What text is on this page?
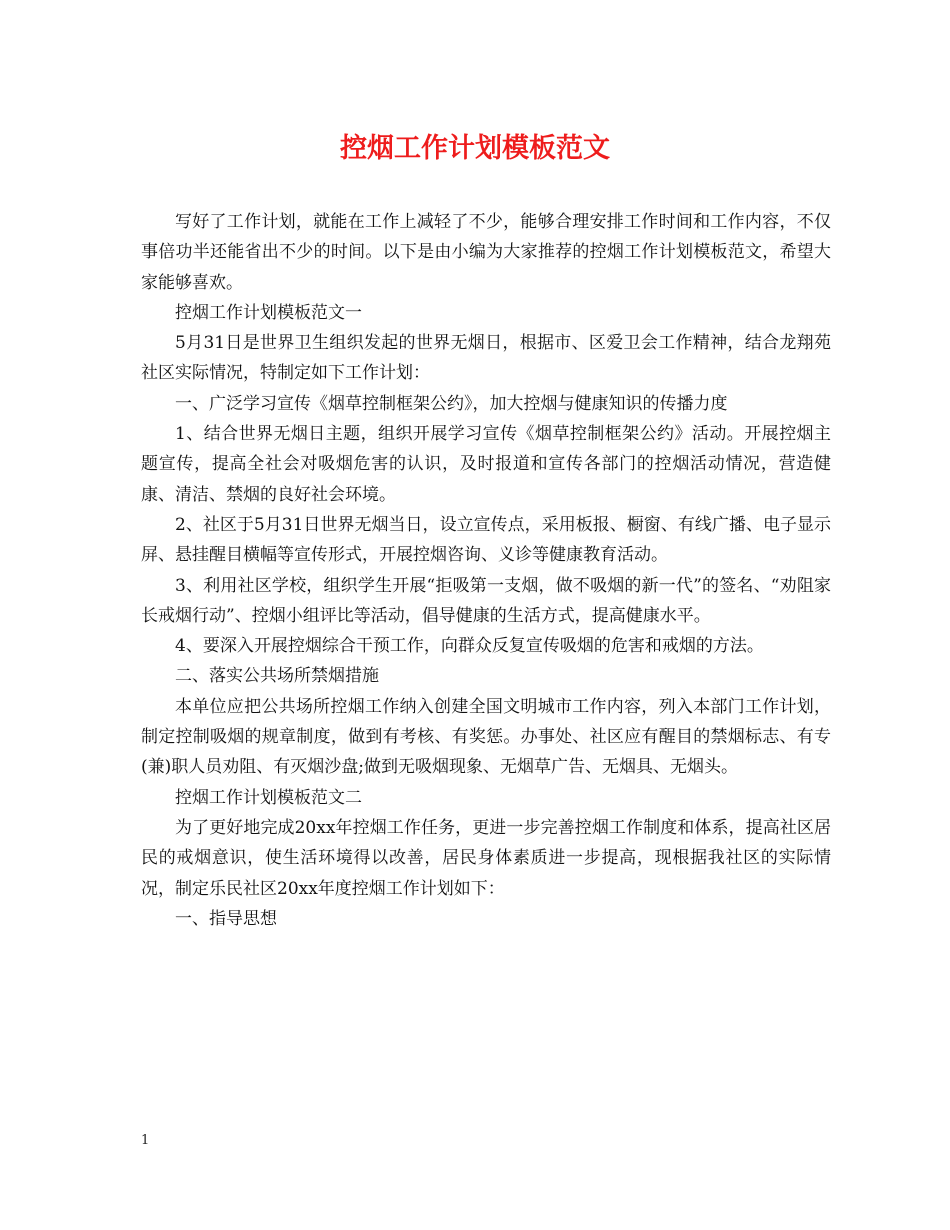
控烟工作计划模板范文

写好了工作计划，就能在工作上减轻了不少，能够合理安排工作时间和工作内容，不仅事倍功半还能省出不少的时间。以下是由小编为大家推荐的控烟工作计划模板范文，希望大家能够喜欢。

控烟工作计划模板范文一

5月31日是世界卫生组织发起的世界无烟日，根据市、区爱卫会工作精神，结合龙翔苑社区实际情况，特制定如下工作计划：

一、广泛学习宣传《烟草控制框架公约》，加大控烟与健康知识的传播力度

1、结合世界无烟日主题，组织开展学习宣传《烟草控制框架公约》活动。开展控烟主题宣传，提高全社会对吸烟危害的认识，及时报道和宣传各部门的控烟活动情况，营造健康、清洁、禁烟的良好社会环境。

2、社区于5月31日世界无烟当日，设立宣传点，采用板报、橱窗、有线广播、电子显示屏、悬挂醒目横幅等宣传形式，开展控烟咨询、义诊等健康教育活动。

3、利用社区学校，组织学生开展“拒吸第一支烟，做不吸烟的新一代”的签名、“劝阻家长戒烟行动”、控烟小组评比等活动，倡导健康的生活方式，提高健康水平。

4、要深入开展控烟综合干预工作，向群众反复宣传吸烟的危害和戒烟的方法。

二、落实公共场所禁烟措施

本单位应把公共场所控烟工作纳入创建全国文明城市工作内容，列入本部门工作计划，制定控制吸烟的规章制度，做到有考核、有奖惩。办事处、社区应有醒目的禁烟标志、有专(兼)职人员劝阻、有灭烟沙盘;做到无吸烟现象、无烟草广告、无烟具、无烟头。

控烟工作计划模板范文二

为了更好地完成20xx年控烟工作任务，更进一步完善控烟工作制度和体系，提高社区居民的戒烟意识，使生活环境得以改善，居民身体素质进一步提高，现根据我社区的实际情况，制定乐民社区20xx年度控烟工作计划如下：

一、指导思想

1
